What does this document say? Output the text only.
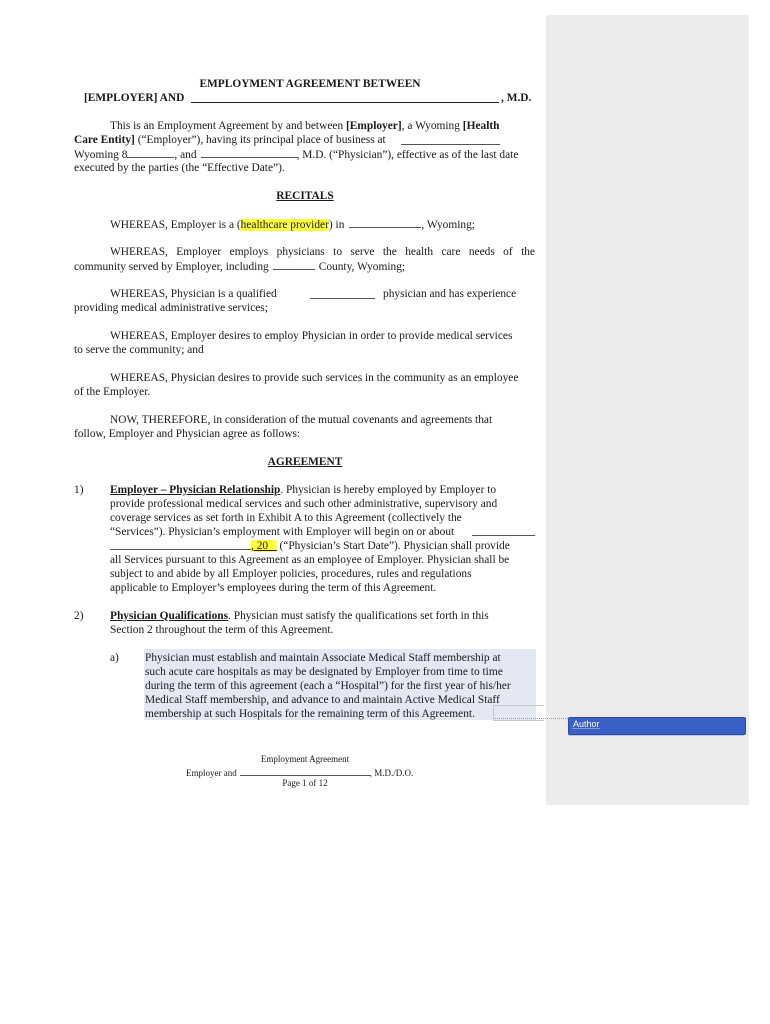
EMPLOYMENT AGREEMENT BETWEEN
[EMPLOYER] AND	, M.D.
This is an Employment Agreement by and between [Employer], a Wyoming [Health
Care Entity] (“Employer”), having its principal place of business at
Wyoming 8	, and	, M.D. (“Physician”), effective as of the last date
executed by the parties (the “Effective Date”).
RECITALS
WHEREAS, Employer is a (healthcare provider) in	, Wyoming;
WHEREAS, Employer employs physicians to serve the health care needs of the
community served by Employer, including	County, Wyoming;
WHEREAS, Physician is a qualified	physician and has experience
providing medical administrative services;
WHEREAS, Employer desires to employ Physician in order to provide medical services
to serve the community; and
WHEREAS, Physician desires to provide such services in the community as an employee
of the Employer.
NOW, THEREFORE, in consideration of the mutual covenants and agreements that
follow, Employer and Physician agree as follows:
AGREEMENT
1) Employer – Physician Relationship. Physician is hereby employed by Employer to
provide professional medical services and such other administrative, supervisory and
coverage services as set forth in Exhibit A to this Agreement (collectively the
“Services”). Physician’s employment with Employer will begin on or about
, 20 (“Physician’s Start Date”). Physician shall provide
all Services pursuant to this Agreement as an employee of Employer. Physician shall be
subject to and abide by all Employer policies, procedures, rules and regulations
applicable to Employer’s employees during the term of this Agreement.
2) Physician Qualifications. Physician must satisfy the qualifications set forth in this
Section 2 throughout the term of this Agreement.
a) Physician must establish and maintain Associate Medical Staff membership at
such acute care hospitals as may be designated by Employer from time to time
during the term of this agreement (each a “Hospital”) for the first year of his/her
Medical Staff membership, and advance to and maintain Active Medical Staff
membership at such Hospitals for the remaining term of this Agreement.
Author
Employment Agreement
Employer and	, M.D./D.O.
Page 1 of 12
